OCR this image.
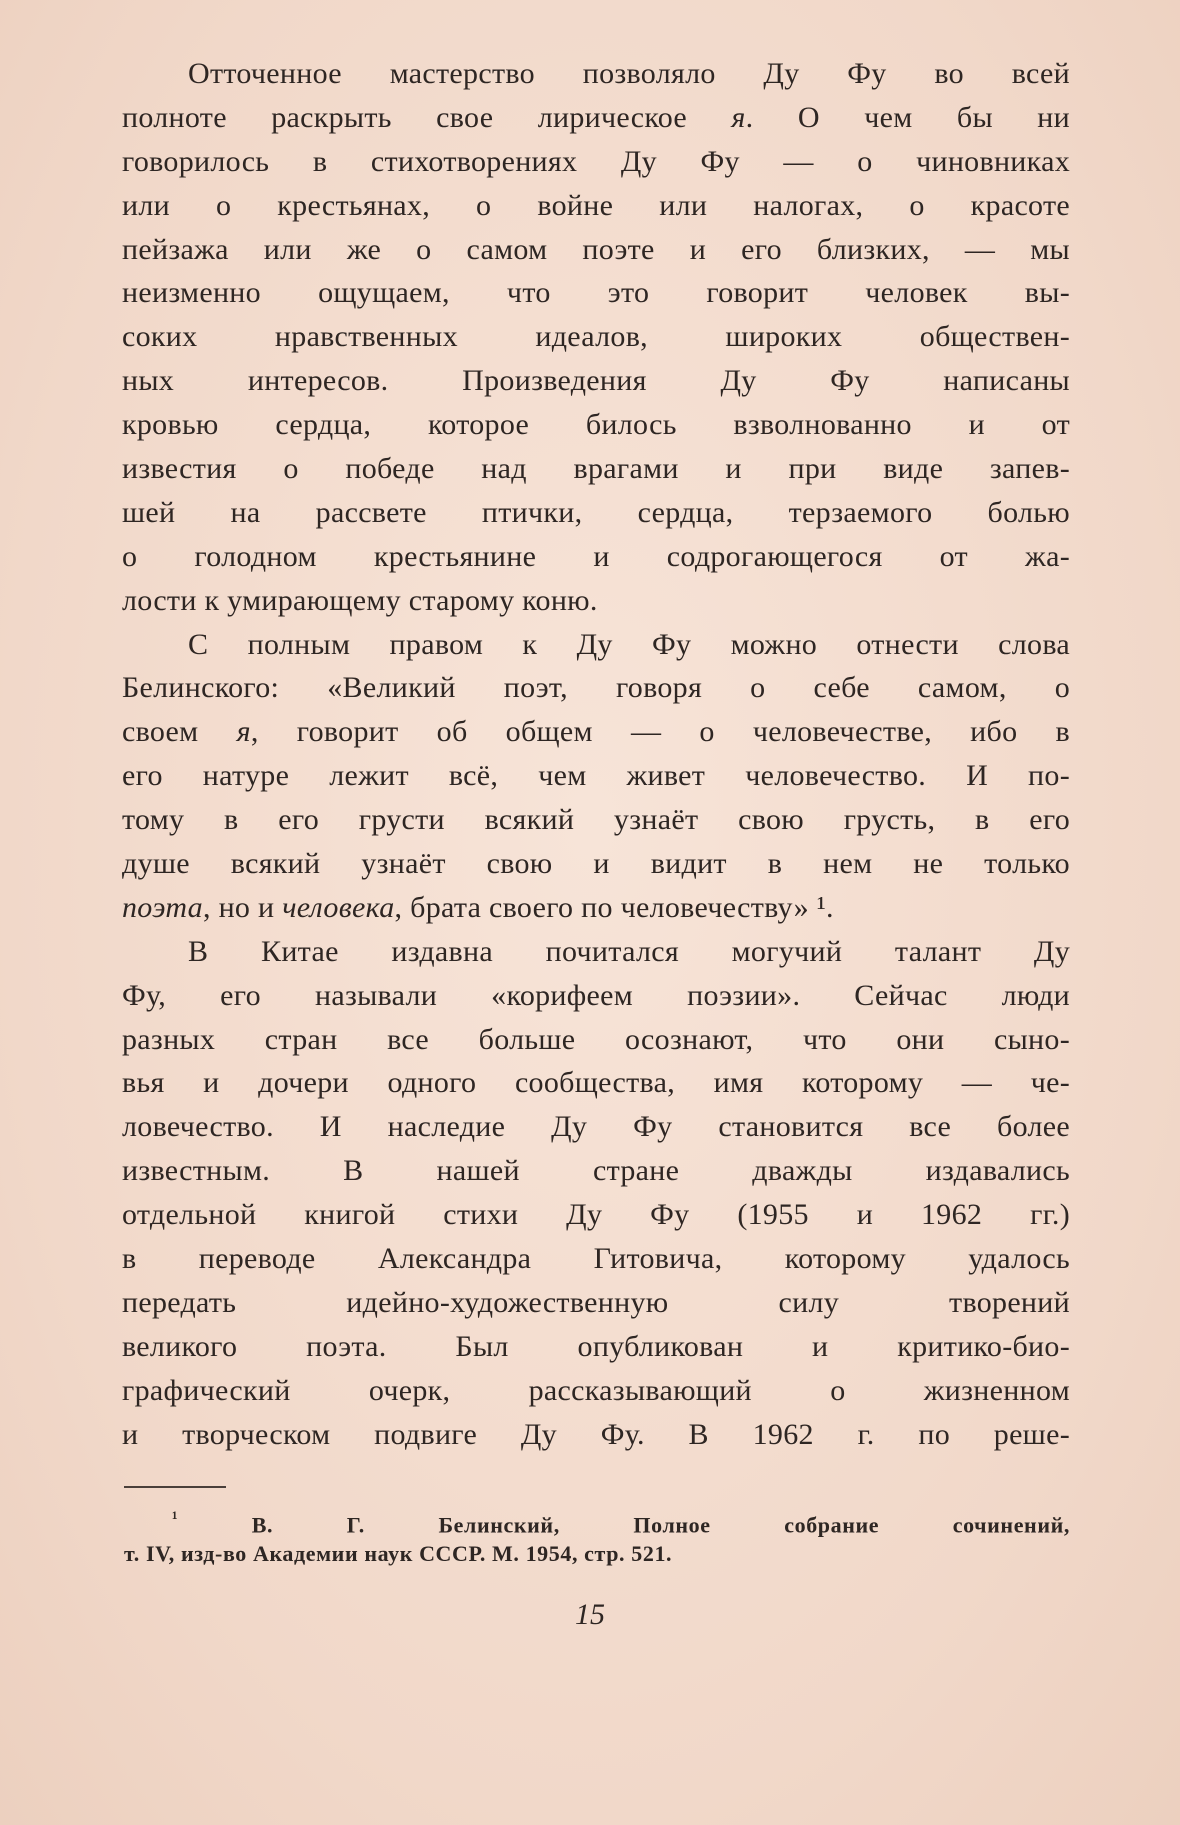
Отточенное мастерство позволяло Ду Фу во всей
полноте раскрыть свое лирическое я. О чем бы ни
говорилось в стихотворениях Ду Фу — о чиновниках
или о крестьянах, о войне или налогах, о красоте
пейзажа или же о самом поэте и его близких, — мы
неизменно ощущаем, что это говорит человек вы-
соких нравственных идеалов, широких обществен-
ных интересов. Произведения Ду Фу написаны
кровью сердца, которое билось взволнованно и от
известия о победе над врагами и при виде запев-
шей на рассвете птички, сердца, терзаемого болью
о голодном крестьянине и содрогающегося от жа-
лости к умирающему старому коню.
С полным правом к Ду Фу можно отнести слова
Белинского: «Великий поэт, говоря о себе самом, о
своем я, говорит об общем — о человечестве, ибо в
его натуре лежит всё, чем живет человечество. И по-
тому в его грусти всякий узнаёт свою грусть, в его
душе всякий узнаёт свою и видит в нем не только
поэта, но и человека, брата своего по человечеству» ¹.
В Китае издавна почитался могучий талант Ду
Фу, его называли «корифеем поэзии». Сейчас люди
разных стран все больше осознают, что они сыно-
вья и дочери одного сообщества, имя которому — че-
ловечество. И наследие Ду Фу становится все более
известным. В нашей стране дважды издавались
отдельной книгой стихи Ду Фу (1955 и 1962 гг.)
в переводе Александра Гитовича, которому удалось
передать идейно-художественную силу творений
великого поэта. Был опубликован и критико-био-
графический очерк, рассказывающий о жизненном
и творческом подвиге Ду Фу. В 1962 г. по реше-
$^{^1}$	В. Г. Белинский,	Полное собрание сочинений,
т. IV, изд-во Академии наук СССР. М. 1954, стр. 521.
15
